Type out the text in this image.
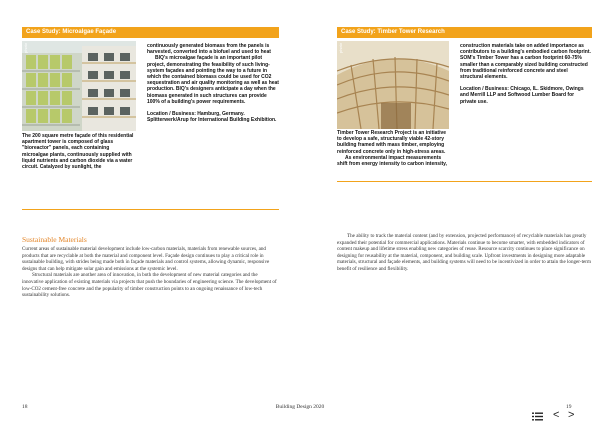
Case Study: Microalgae Façade
photo

The 200 square metre façade of this residential apartment tower is composed of glass "bioreactor" panels, each containing microalgae plants, continuously supplied with liquid nutrients and carbon dioxide via a water circuit. Catalyzed by sunlight, the

continuously generated biomass from the panels is harvested, converted into a biofuel and used to heat

BIQ's microalgae façade is an important pilot project, demonstrating the feasibility of such living-system façades and pointing the way to a future in which the contained biomass could be used for CO2 sequestration and air quality monitoring as well as heat production. BIQ's designers anticipate a day when the biomass generated in such structures can provide 100% of a building's power requirements.

Location / Business: Hamburg, Germany. Splitterwerk/Arup for International Building Exhibition.

Sustainable Materials

Current areas of sustainable material development include low-carbon materials, materials from renewable sources, and products that are recyclable at both the material and component level. Façade design continues to play a critical role in sustainable building, with strides being made both in façade materials and control systems, allowing dynamic, responsive designs that can help mitigate solar gain and emissions at the systemic level.

Structural materials are another area of innovation, in both the development of new material categories and the innovative application of existing materials via projects that push the boundaries of engineering science. The development of low-CO2 cement-free concrete and the popularity of timber construction points to an ongoing renaissance of low-tech sustainability solutions.

18
Case Study: Timber Tower Research
photo

Timber Tower Research Project is an initiative to develop a safe, structurally viable 42-story building framed with mass timber, employing reinforced concrete only in high-stress areas.

As environmental impact measurements shift from energy intensity to carbon intensity,

construction materials take on added importance as contributors to a building's embodied carbon footprint. SOM's Timber Tower has a carbon footprint 60-75% smaller than a comparably sized building constructed from traditional reinforced concrete and steel structural elements.

Location / Business: Chicago, IL. Skidmore, Owings and Merrill LLP and Softwood Lumber Board for private use.

The ability to track the material content (and by extension, projected performance) of recyclable materials has greatly expanded their potential for commercial applications. Materials continue to become smarter, with embedded indicators of content makeup and lifetime stress enabling new categories of reuse. Resource scarcity continues to place significance on designing for reusability at the material, component, and building scale. Upfront investments in designing more adaptable materials, structural and façade elements, and building systems will need to be incentivized in order to attain the longer-term benefit of resilience and flexibility.

Building Design 2020	19
< >
